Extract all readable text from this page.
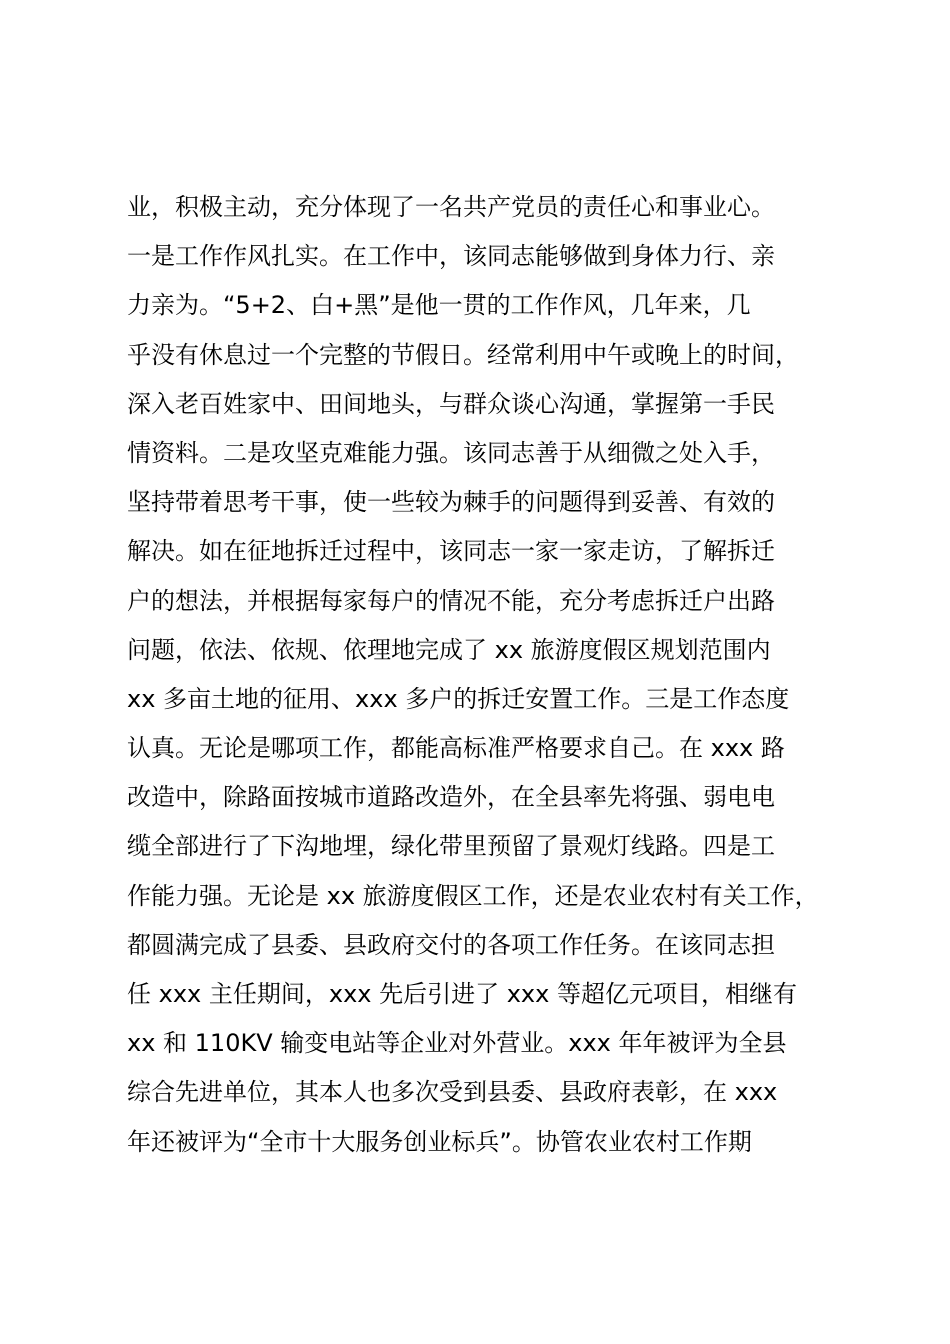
业，积极主动，充分体现了一名共产党员的责任心和事业心。
一是工作作风扎实。在工作中，该同志能够做到身体力行、亲
力亲为。“5+2、白+黑”是他一贯的工作作风，几年来，几
乎没有休息过一个完整的节假日。经常利用中午或晚上的时间，
深入老百姓家中、田间地头，与群众谈心沟通，掌握第一手民
情资料。二是攻坚克难能力强。该同志善于从细微之处入手，
坚持带着思考干事，使一些较为棘手的问题得到妥善、有效的
解决。如在征地拆迁过程中，该同志一家一家走访，了解拆迁
户的想法，并根据每家每户的情况不能，充分考虑拆迁户出路
问题，依法、依规、依理地完成了 xx 旅游度假区规划范围内
xx 多亩土地的征用、xxx 多户的拆迁安置工作。三是工作态度
认真。无论是哪项工作，都能高标准严格要求自己。在 xxx 路
改造中，除路面按城市道路改造外，在全县率先将强、弱电电
缆全部进行了下沟地埋，绿化带里预留了景观灯线路。四是工
作能力强。无论是 xx 旅游度假区工作，还是农业农村有关工作，
都圆满完成了县委、县政府交付的各项工作任务。在该同志担
任 xxx 主任期间，xxx 先后引进了 xxx 等超亿元项目，相继有
xx 和 110KV 输变电站等企业对外营业。xxx 年年被评为全县
综合先进单位，其本人也多次受到县委、县政府表彰，在 xxx
年还被评为“全市十大服务创业标兵”。协管农业农村工作期
